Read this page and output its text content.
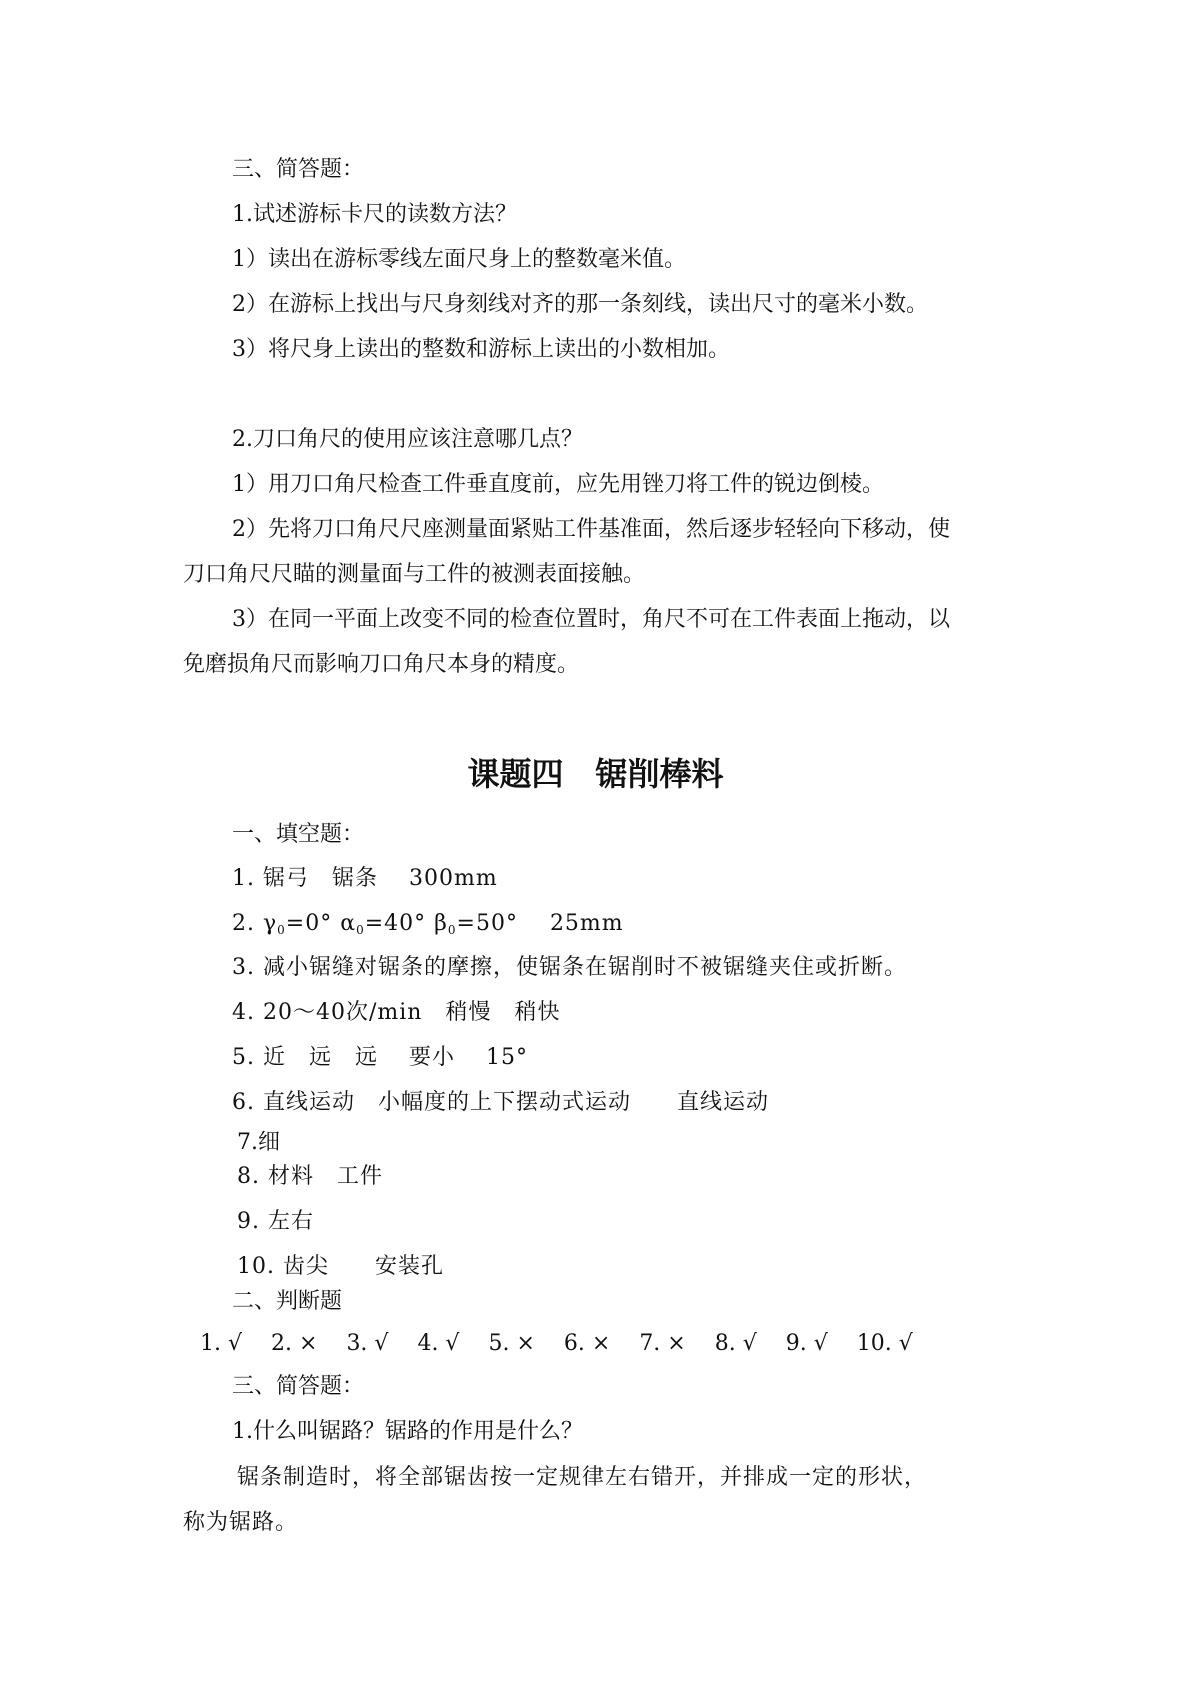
三、简答题：
1.试述游标卡尺的读数方法？
1）读出在游标零线左面尺身上的整数毫米值。
2）在游标上找出与尺身刻线对齐的那一条刻线，读出尺寸的毫米小数。
3）将尺身上读出的整数和游标上读出的小数相加。
2.刀口角尺的使用应该注意哪几点？
1）用刀口角尺检查工件垂直度前，应先用锉刀将工件的锐边倒棱。
2）先将刀口角尺尺座测量面紧贴工件基准面，然后逐步轻轻向下移动，使
刀口角尺尺瞄的测量面与工件的被测表面接触。
3）在同一平面上改变不同的检查位置时，角尺不可在工件表面上拖动，以
免磨损角尺而影响刀口角尺本身的精度。
课题四　锯削棒料
一、填空题：
1. 锯弓　锯条　 300mm
2. $\gamma_0=0^\circ$ $\alpha_0=40^\circ$ $\beta_0=50^\circ$ 25mm
3. 减小锯缝对锯条的摩擦，使锯条在锯削时不被锯缝夹住或折断。
4. 20～40次/min　稍慢　稍快
5. 近　远　远　 要小　 15°
6. 直线运动　小幅度的上下摆动式运动　　直线运动
7.细
8. 材料　工件
9. 左右
10. 齿尖　　安装孔
二、判断题
1. √ 2. × 3. √ 4. √ 5. × 6. × 7. × 8. √ 9. √ 10. √
三、简答题：
1.什么叫锯路？锯路的作用是什么？
锯条制造时，将全部锯齿按一定规律左右错开，并排成一定的形状，
称为锯路。
